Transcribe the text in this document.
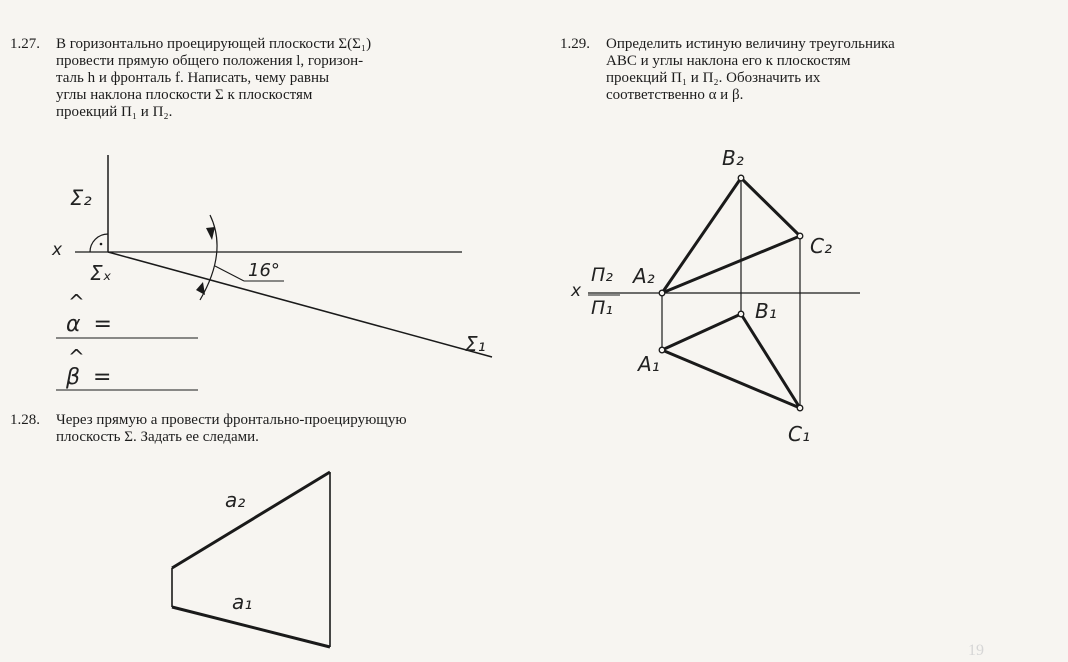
1.27. В горизонтально проецирующей плоскости Σ(Σ₁)
провести прямую общего положения l, горизон-
таль h и фронталь f. Написать, чему равны
углы наклона плоскости Σ к плоскостям
проекций Π₁ и Π₂.
1.29. Определить истиную величину треугольника
ABC и углы наклона его к плоскостям
проекций Π₁ и Π₂. Обозначить их
соответственно α и β.
1.28. Через прямую a провести фронтально-проецирующую
плоскость Σ. Задать ее следами.
Σ₂
x
Σₓ	16°
Σ₁
^
α =
^
β =
a₂
a₁
B₂
C₂
A₂
x
Π₂
Π₁	B₁
A₁
C₁
19
